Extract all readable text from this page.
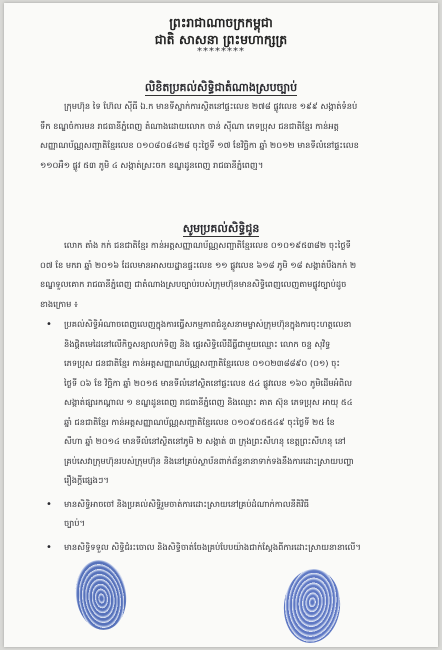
ព្រះរាជាណាចក្រកម្ពុជា
ជាតិ សាសនា ព្រះមហាក្សត្រ
********
លិខិតប្រគល់សិទ្ធិជាតំណាងស្របច្បាប់
ក្រុមហ៊ុន ទៃ ហ៊ែល ស៊ីធី ឯ.ក មានទីស្នាក់ការស្ថិតនៅផ្ទះលេខ ២៧៨ ផ្លូវលេខ ១៩៩ សង្កាត់ទំនប់
ទឹក ខណ្ឌចំការមន រាជធានីភ្នំពេញ តំណាងដោយលោក ចាន់ ស៊ីណា ភេទប្រុស ជនជាតិខ្មែរ កាន់អត្ត
សញ្ញាណប័ណ្ណសញ្ជាតិខ្មែរលេខ ០១០៨០៨៤២៨ ចុះថ្ងៃទី ១៧ ខែវិច្ឆិកា ឆ្នាំ ២០១២ មានទីលំនៅផ្ទះលេខ
១១០អឺ១ ផ្លូវ ៥៣ ភូមិ ៤ សង្កាត់ស្រះចក ខណ្ឌដូនពេញ រាជធានីភ្នំពេញ។
សូមប្រគល់សិទ្ធិជូន
លោក តាំង កក់ ជនជាតិខ្មែរ កាន់អត្តសញ្ញាណប័ណ្ណសញ្ជាតិខ្មែរលេខ ០១០១៩៥៣៨២ ចុះថ្ងៃទី
០៧ ខែ មករា ឆ្នាំ ២០១៦ ដែលមានអាសយដ្ឋានផ្ទះលេខ ១១ ផ្លូវលេខ ៦១៨ ភូមិ ១៨ សង្កាត់បឹងកក់ ២
ខណ្ឌទួលគោក រាជធានីភ្នំពេញ ជាតំណាងស្របច្បាប់របស់ក្រុមហ៊ុនមានសិទ្ធិពេញលេញតាមផ្លូវច្បាប់ដូច
ខាងក្រោម ៖
• ប្រគល់សិទ្ធិអំណាចពេញលេញក្នុងការធ្វើសកម្មភាពជំនួសនាមម្ចាស់ក្រុមហ៊ុនក្នុងការចុះហត្ថលេខា
និងផ្តិតមេដៃនៅលើកិច្ចសន្យាលក់ទិញ និង ផ្ទេរសិទ្ធិលើដីធ្លីជាមួយឈ្មោះ លោក ចន្ទ សុវិទ្ធ
ភេទប្រុស ជនជាតិខ្មែរ កាន់អត្តសញ្ញាណប័ណ្ណសញ្ជាតិខ្មែរលេខ ០១០២៣៨៨៩០ (០១) ចុះ
ថ្ងៃទី ០៦ ខែ វិច្ឆិកា ឆ្នាំ ២០១៥ មានទីលំនៅស្ថិតនៅផ្ទះលេខ ៥៤ ផ្លូវលេខ ១៦០ ភូមិដើមអំពិល
សង្កាត់ផ្សារកណ្តាល ១ ខណ្ឌដូនពេញ រាជធានីភ្នំពេញ និងឈ្មោះ គាត ស៊ុន ភេទប្រុស អាយុ ៥៤
ឆ្នាំ ជនជាតិខ្មែរ កាន់អត្តសញ្ញាណប័ណ្ណសញ្ជាតិខ្មែរលេខ ០១០៩០៥៥៤៩ ចុះថ្ងៃទី ២៥ ខែ
សីហា ឆ្នាំ ២០១៤ មានទីលំនៅស្ថិតនៅភូមិ ២ សង្កាត់ ៣ ក្រុងព្រះសីហនុ ខេត្តព្រះសីហនុ នៅ
គ្រប់សេវាក្រុមហ៊ុនរបស់ក្រុមហ៊ុន និងនៅគ្រប់ស្ថាប័នពាក់ព័ន្ធនានាទាក់ទងនឹងការដោះស្រាយបញ្ហា
រឿងក្តីផ្សេងៗ។
• មានសិទ្ធិអាចចៅ និងប្រគល់សិទ្ធិរួមចាត់ការដោះស្រាយនៅគ្រប់ដំណាក់កាលនីតិវិធី
ច្បាប់។
• មានសិទ្ធិទទួល សិទ្ធិជំរះចោល និងសិទ្ធិចាត់ចែងគ្រប់បែបយ៉ាងជាក់ស្តែងពីការដោះស្រាយនានាលើ។
